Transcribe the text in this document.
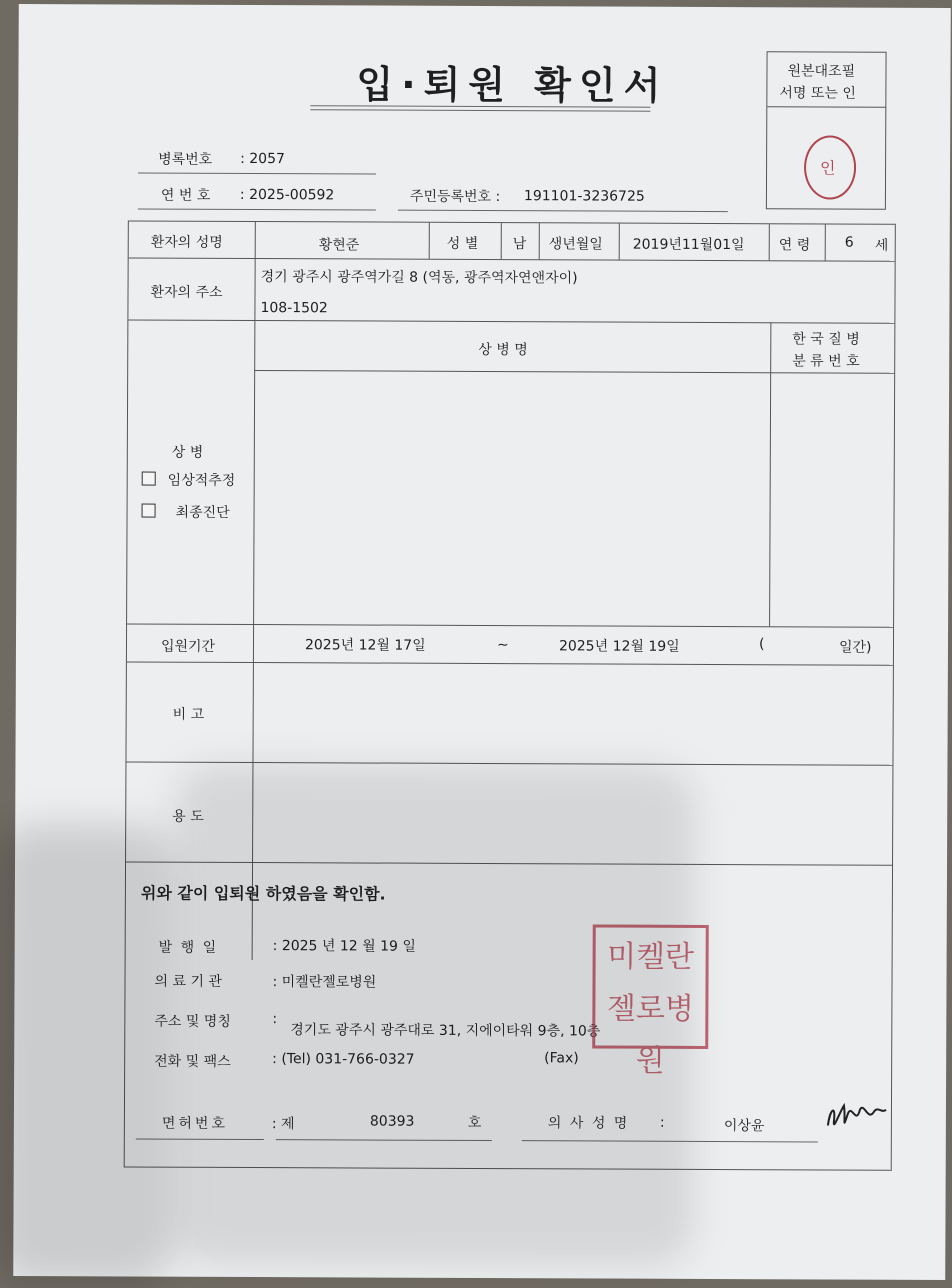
입·퇴원 확인서	원본대조필
서명 또는 인
인
병록번호 : 2057
연 번 호 : 2025-00592	주민등록번호 : 191101-3236725
환자의 성명	황현준	성 별 남 생년월일 2019년11월01일 연 령 6 세
환자의 주소
경기 광주시 광주역가길 8 (역동, 광주역자연앤자이)
108-1502
상 병
임상적추정
최종진단
상 병 명
한 국 질 병
분 류 번 호
입원기간	2025년 12월 17일	~	2025년 12월 19일	(	일간)
비 고
용 도
위와 같이 입퇴원 하였음을 확인함.
발 행 일	: 2025 년 12 월 19 일
의 료 기 관	: 미켈란젤로병원
주소 및 명칭	:
경기도 광주시 광주대로 31, 지에이타워 9층, 10층
전화 및 팩스	: (Tel) 031-766-0327	(Fax)
미켈란젤로병원
면허번호	: 제	80393	호	의 사 성 명 :	이상윤
